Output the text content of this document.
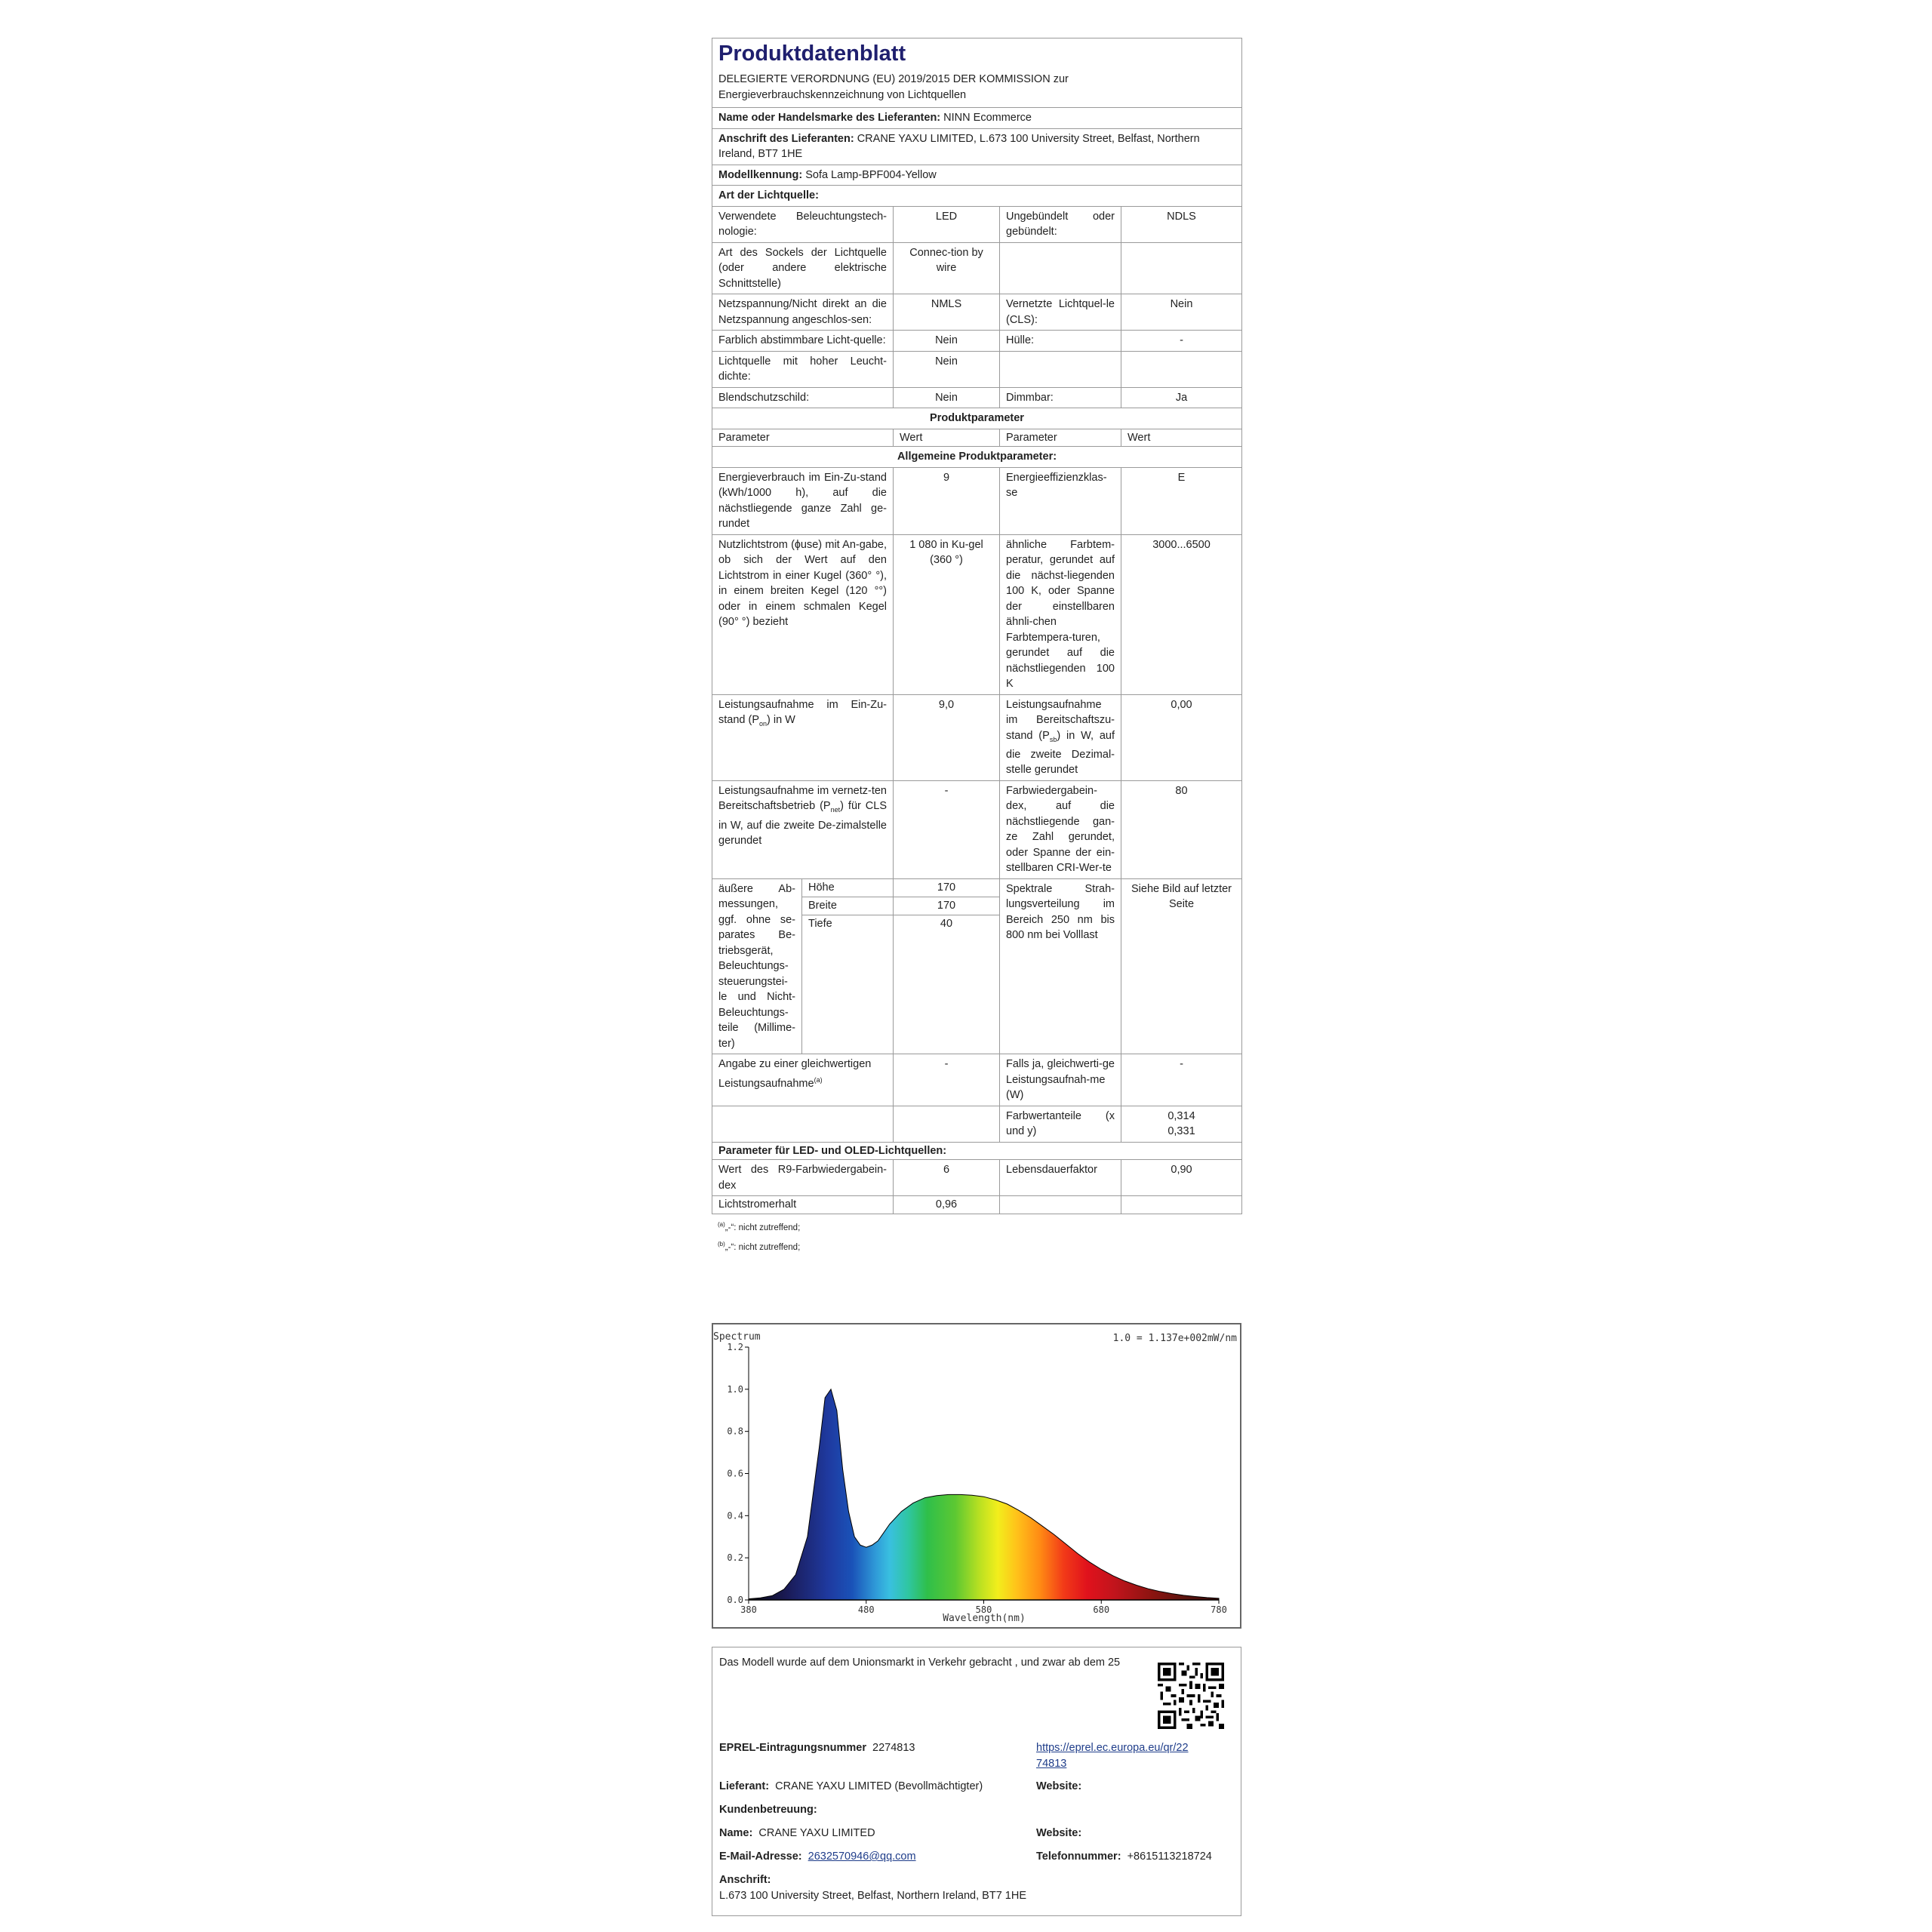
Produktdatenblatt
DELEGIERTE VERORDNUNG (EU) 2019/2015 DER KOMMISSION zur Energieverbrauchskennzeichnung von Lichtquellen				

Name oder Handelsmarke des Lieferanten: NINN Ecommerce				
Anschrift des Lieferanten: CRANE YAXU LIMITED, L.673 100 University Street, Belfast, Northern Ireland, BT7 1HE				
Modellkennung: Sofa Lamp-BPF004-Yellow				
Art der Lichtquelle:				
Verwendete Beleuchtungstech-nologie:		LED	Ungebündelt oder gebündelt:	NDLS
Art des Sockels der Lichtquelle (oder andere elektrische Schnittstelle)		Connec-tion by wire		
Netzspannung/Nicht direkt an die Netzspannung angeschlos-sen:		NMLS	Vernetzte Lichtquel-le (CLS):	Nein
Farblich abstimmbare Licht-quelle:		Nein	Hülle:	-
Lichtquelle mit hoher Leucht-dichte:		Nein		
Blendschutzschild:		Nein	Dimmbar:	Ja
Produktparameter				
Parameter		Wert	Parameter	Wert
Allgemeine Produktparameter:				
Energieverbrauch im Ein-Zu-stand (kWh/1000 h), auf die nächstliegende ganze Zahl ge-rundet		9	Energieeffizienzklas-se	E
Nutzlichtstrom (ɸuse) mit An-gabe, ob sich der Wert auf den Lichtstrom in einer Kugel (360° °), in einem breiten Kegel (120 °°) oder in einem schmalen Kegel (90° °) bezieht		1 080 in Ku-gel (360 °)	ähnliche Farbtem-peratur, gerundet auf die nächst-liegenden 100 K, oder Spanne der einstellbaren ähnli-chen Farbtempera-turen, gerundet auf die nächstliegenden 100 K	3000...6500
Leistungsaufnahme im Ein-Zu-stand $(P_{on})$ in W		9,0	Leistungsaufnahme im Bereitschaftszu-stand $(P_{sb})$ in W, auf die zweite Dezimal-stelle gerundet	0,00
Leistungsaufnahme im vernetz-ten Bereitschaftsbetrieb $(P_{net})$ für CLS in W, auf die zweite De-zimalstelle gerundet		-	Farbwiedergabein-dex, auf die nächstliegende gan-ze Zahl gerundet, oder Spanne der ein-stellbaren CRI-Wer-te	80
äußere Ab-messungen, ggf. ohne se-parates Be-triebsgerät, Beleuchtungs-steuerungstei-le und Nicht-Beleuchtungs-teile (Millime-ter)	Höhe	170	Spektrale Strah-lungsverteilung im Bereich 250 nm bis 800 nm bei Volllast	Siehe Bild auf letzter Seite
	Breite	170		
	Tiefe	40		
Angabe zu einer gleichwertigen Leistungsaufnahme$^{(a)}$		-	Falls ja, gleichwerti-ge Leistungsaufnah-me (W)	-
			Farbwertanteile (x und y)	0,314
0,331

Parameter für LED- und OLED-Lichtquellen:				
Wert des R9-Farbwiedergabein-dex		6	Lebensdauerfaktor	0,90
Lichtstromerhalt		0,96		
$^{(a)}$„-“: nicht zutreffend;
$^{(b)}$„-“: nicht zutreffend;
Spectrum	1.0 = 1.137e+002mW/nm
0.0
0.2
0.4
0.6
0.8
1.0
1.2
380	480	580	680	780
Wavelength(nm)
Das Modell wurde auf dem Unionsmarkt in Verkehr gebracht , und zwar ab dem 25
EPREL-Eintragungsnummer 2274813	https://eprel.ec.europa.eu/qr/22
74813
Lieferant: CRANE YAXU LIMITED (Bevollmächtigter)	Website:
Kundenbetreuung:
Name: CRANE YAXU LIMITED	Website:
E-Mail-Adresse: 2632570946@qq.com	Telefonnummer: +8615113218724
Anschrift:
L.673 100 University Street, Belfast, Northern Ireland, BT7 1HE
